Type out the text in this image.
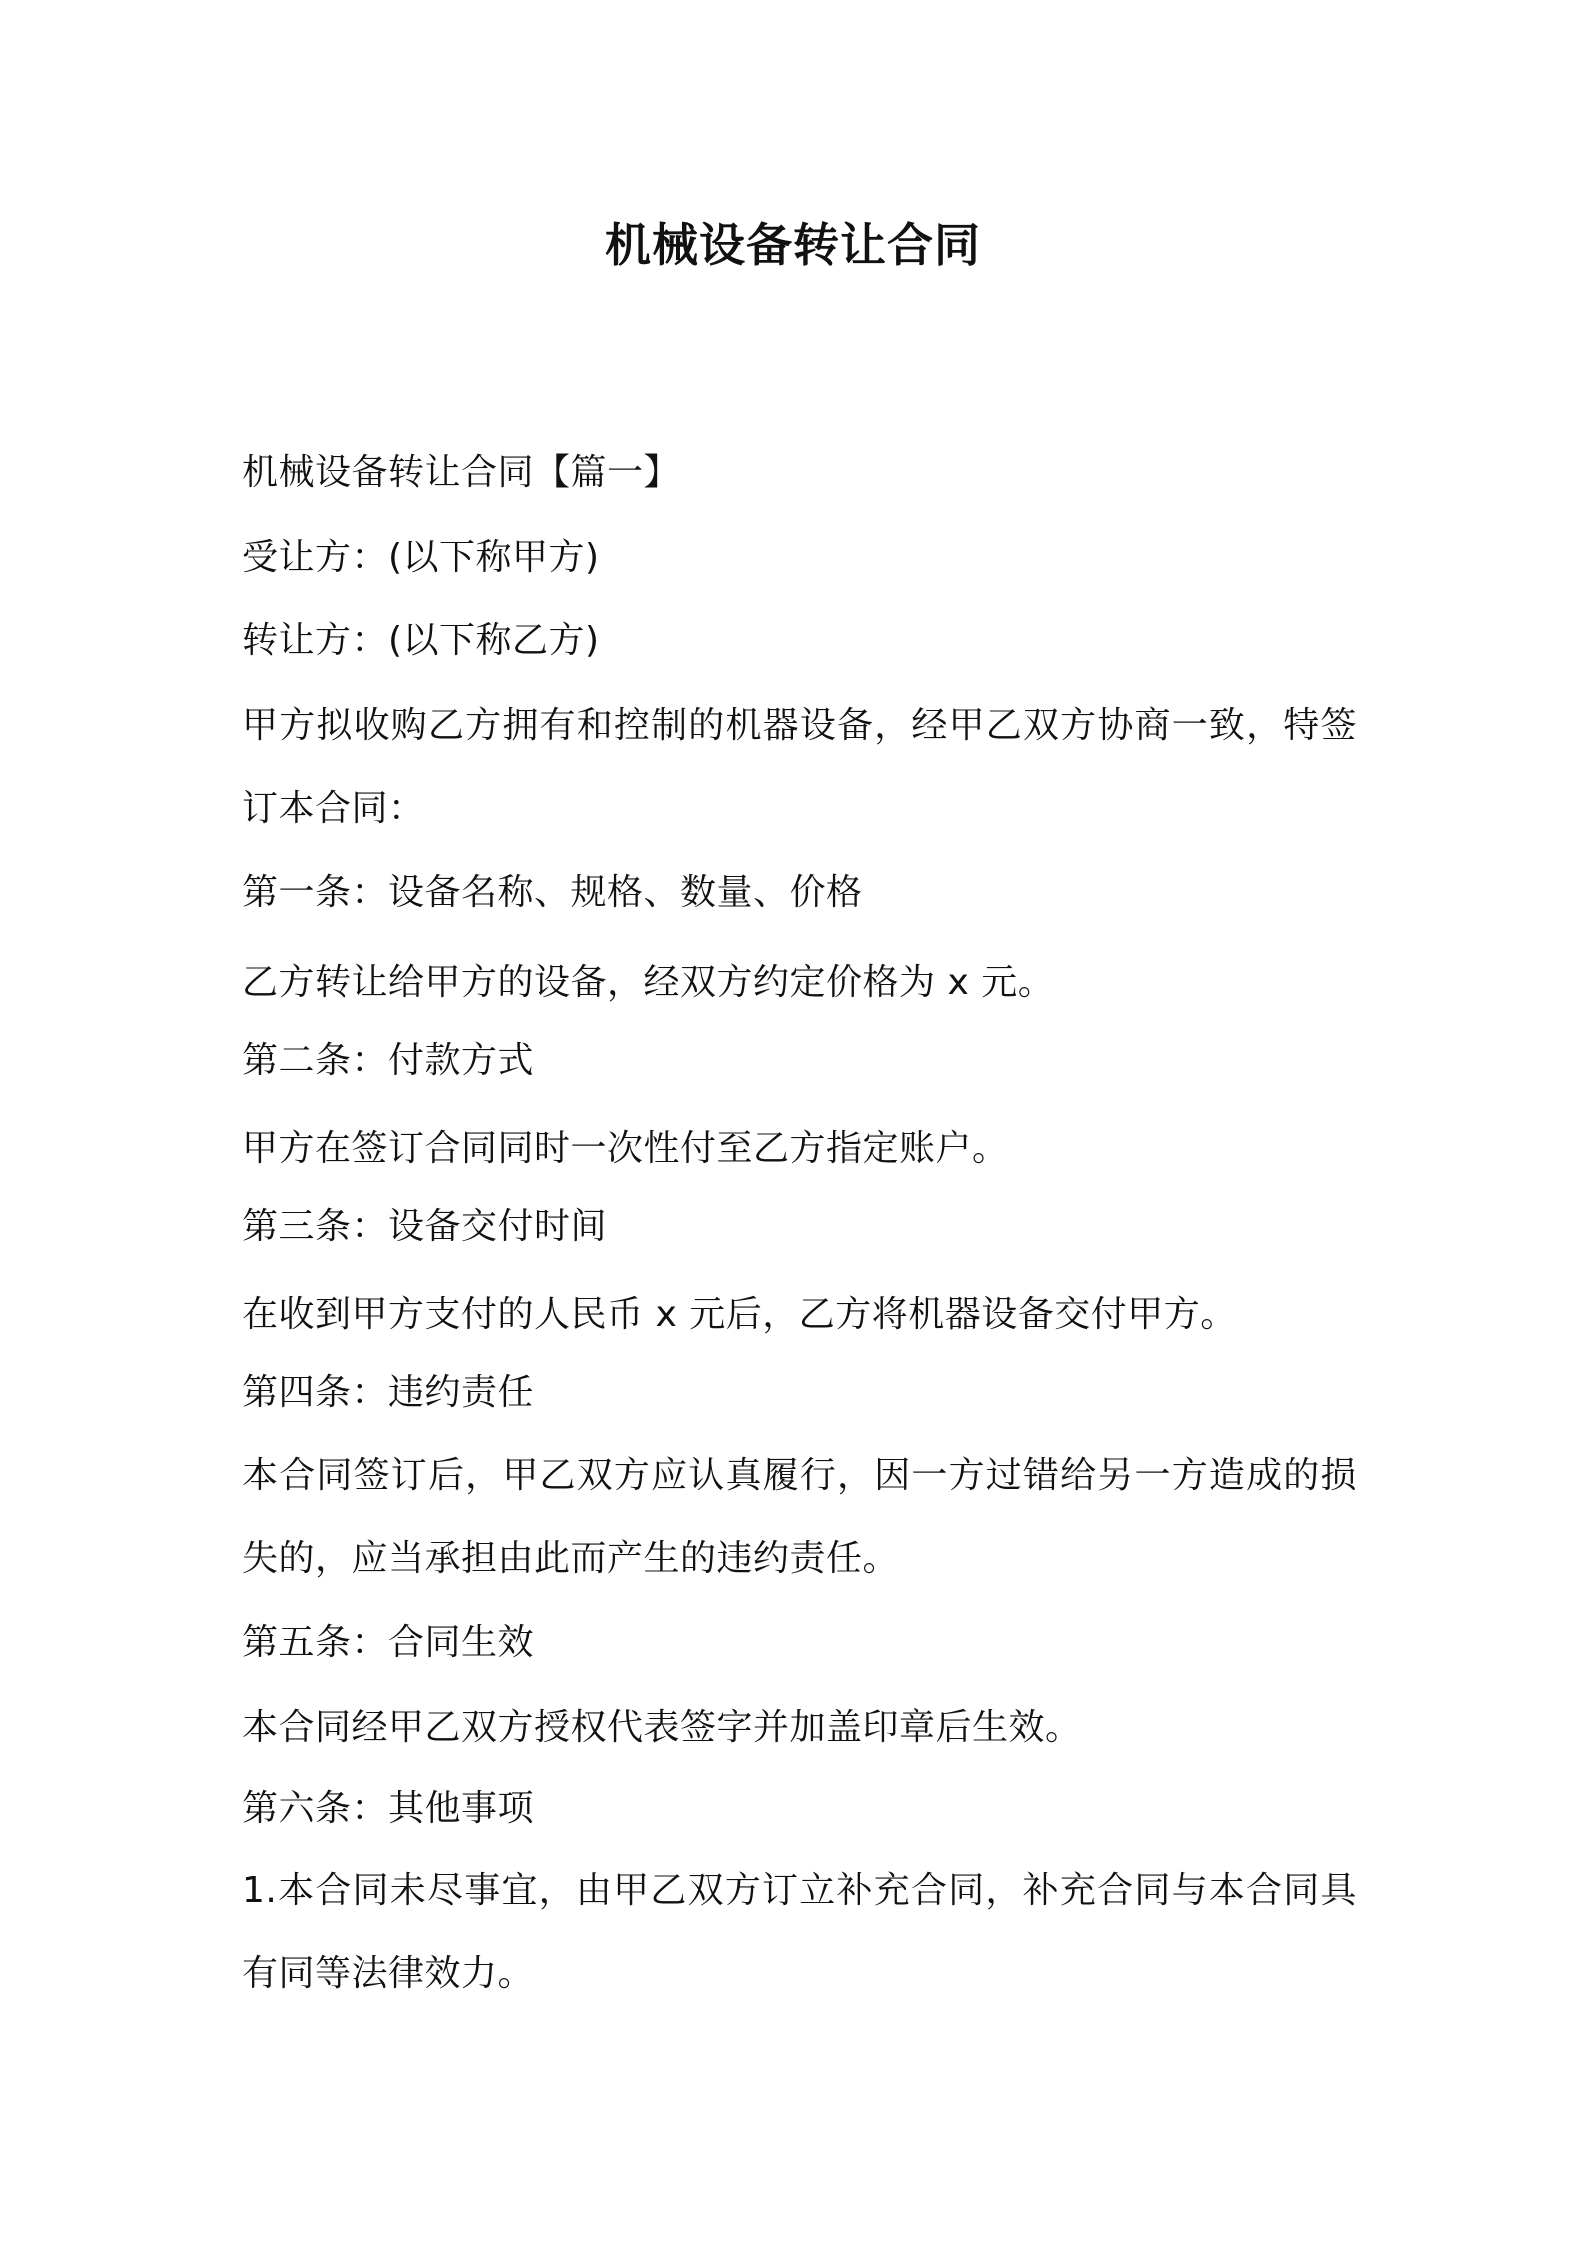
机械设备转让合同

机械设备转让合同【篇一】

受让方：(以下称甲方)

转让方：(以下称乙方)

甲方拟收购乙方拥有和控制的机器设备，经甲乙双方协商一致，特签订本合同：

第一条：设备名称、规格、数量、价格

乙方转让给甲方的设备，经双方约定价格为 x 元。

第二条：付款方式

甲方在签订合同同时一次性付至乙方指定账户。

第三条：设备交付时间

在收到甲方支付的人民币 x 元后，乙方将机器设备交付甲方。

第四条：违约责任

本合同签订后，甲乙双方应认真履行，因一方过错给另一方造成的损失的，应当承担由此而产生的违约责任。

第五条：合同生效

本合同经甲乙双方授权代表签字并加盖印章后生效。

第六条：其他事项

1.本合同未尽事宜，由甲乙双方订立补充合同，补充合同与本合同具有同等法律效力。
